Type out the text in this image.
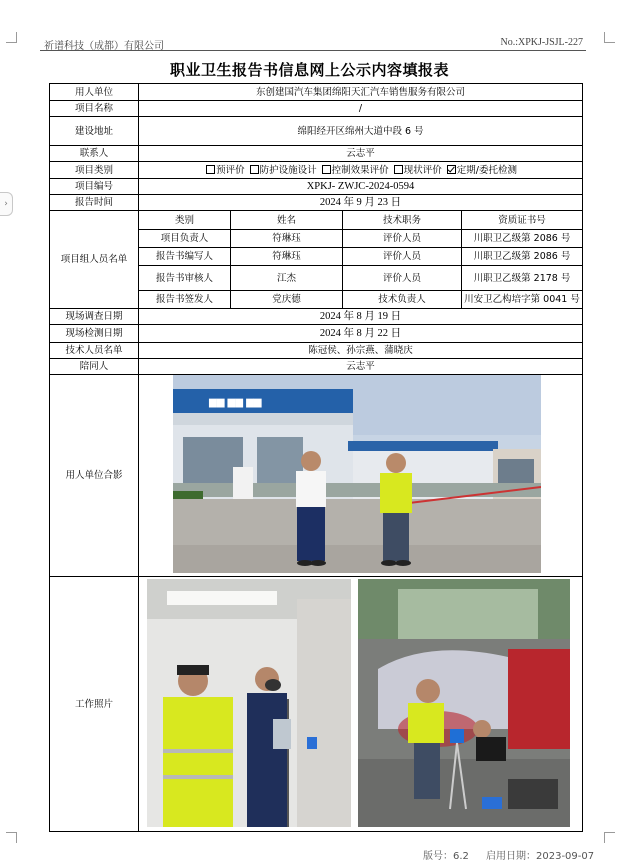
›
祈谱科技（成都）有限公司	No.:XPKJ-JSJL-227
职业卫生报告书信息网上公示内容填报表
用人单位	东创建国汽车集团绵阳天汇汽车销售服务有限公司		
项目名称	/		
建设地址	绵阳经开区绵州大道中段 6 号		
联系人	云志平		
项目类别	预评价 防护设施设计 控制效果评价 现状评价 定期/委托检测		
项目编号	XPKJ- ZWJC-2024-0594		
报告时间	2024 年 9 月 23 日		
项目组人员名单	类别	姓名	技术职务 资质证书号

	项目负责人	符琳珏	评价人员 川职卫乙级第 2086 号

	报告书编写人	符琳珏	评价人员 川职卫乙级第 2086 号

	报告书审核人	江杰	评价人员 川职卫乙级第 2178 号

	报告书签发人	党庆德	技术负责人 川安卫乙构培字第 0041 号

现场调查日期	2024 年 8 月 19 日		
现场检测日期	2024 年 8 月 22 日		
技术人员名单	陈冠侯、孙宗燕、蒲晓庆		
陪同人	云志平		
用人单位合影	▆▆ ▆▆ ▆▆		

工作照片	
版号：6.2 启用日期：2023-09-07
